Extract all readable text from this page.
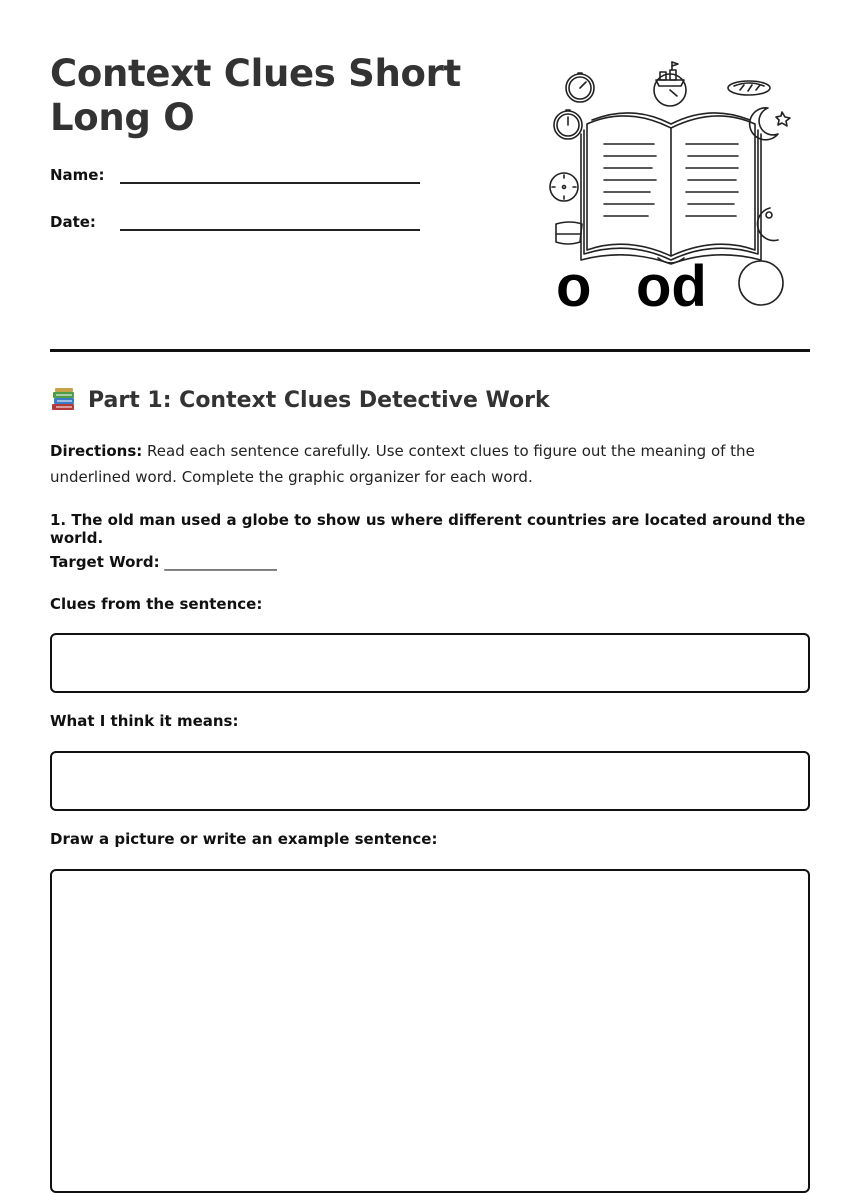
Context Clues Short Long O
Name:
Date:
o od
Part 1: Context Clues Detective Work

Directions: Read each sentence carefully. Use context clues to figure out the meaning of the underlined word. Complete the graphic organizer for each word.

1. The old man used a globe to show us where different countries are located around the world.

Target Word: _______________

Clues from the sentence:

What I think it means:

Draw a picture or write an example sentence:
